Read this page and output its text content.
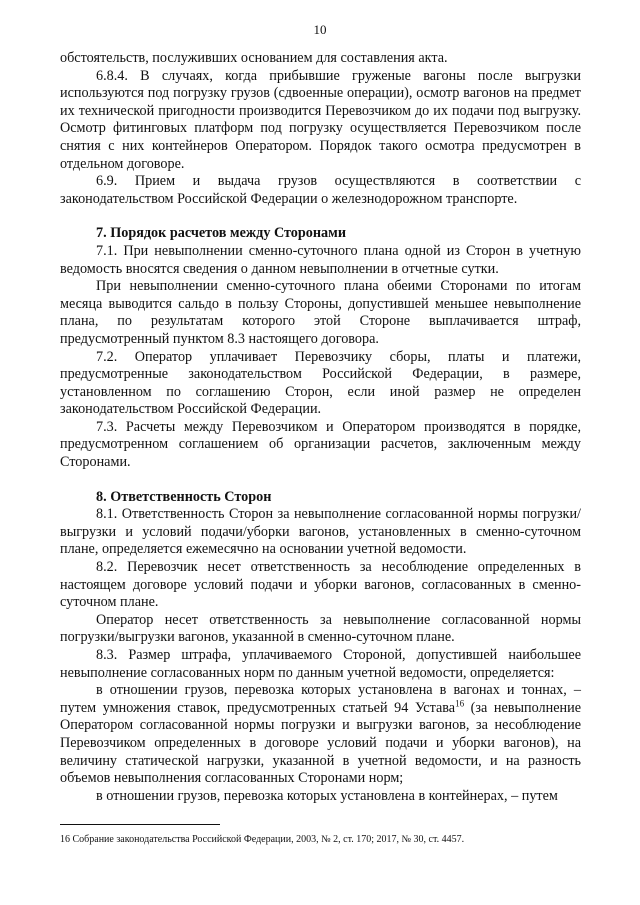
10

обстоятельств, послуживших основанием для составления акта.

6.8.4. В случаях, когда прибывшие груженые вагоны после выгрузки используются под погрузку грузов (сдвоенные операции), осмотр вагонов на предмет их технической пригодности производится Перевозчиком до их подачи под выгрузку. Осмотр фитинговых платформ под погрузку осуществляется Перевозчиком после снятия с них контейнеров Оператором. Порядок такого осмотра предусмотрен в отдельном договоре.

6.9. Прием и выдача грузов осуществляются в соответствии с законодательством Российской Федерации о железнодорожном транспорте.

7. Порядок расчетов между Сторонами

7.1. При невыполнении сменно-суточного плана одной из Сторон в учетную ведомость вносятся сведения о данном невыполнении в отчетные сутки.

При невыполнении сменно-суточного плана обеими Сторонами по итогам месяца выводится сальдо в пользу Стороны, допустившей меньшее невыполнение плана, по результатам которого этой Стороне выплачивается штраф, предусмотренный пунктом 8.3 настоящего договора.

7.2. Оператор уплачивает Перевозчику сборы, платы и платежи, предусмотренные законодательством Российской Федерации, в размере, установленном по соглашению Сторон, если иной размер не определен законодательством Российской Федерации.

7.3. Расчеты между Перевозчиком и Оператором производятся в порядке, предусмотренном соглашением об организации расчетов, заключенным между Сторонами.

8. Ответственность Сторон

8.1. Ответственность Сторон за невыполнение согласованной нормы погрузки/выгрузки и условий подачи/уборки вагонов, установленных в сменно-суточном плане, определяется ежемесячно на основании учетной ведомости.

8.2. Перевозчик несет ответственность за несоблюдение определенных в настоящем договоре условий подачи и уборки вагонов, согласованных в сменно-суточном плане.

Оператор несет ответственность за невыполнение согласованной нормы погрузки/выгрузки вагонов, указанной в сменно-суточном плане.

8.3. Размер штрафа, уплачиваемого Стороной, допустившей наибольшее невыполнение согласованных норм по данным учетной ведомости, определяется:

в отношении грузов, перевозка которых установлена в вагонах и тоннах, – путем умножения ставок, предусмотренных статьей 94 Устава$^{16}$ (за невыполнение Оператором согласованной нормы погрузки и выгрузки вагонов, за несоблюдение Перевозчиком определенных в договоре условий подачи и уборки вагонов), на величину статической нагрузки, указанной в учетной ведомости, и на разность объемов невыполнения согласованных Сторонами норм;

в отношении грузов, перевозка которых установлена в контейнерах, – путем

16 Собрание законодательства Российской Федерации, 2003, № 2, ст. 170; 2017, № 30, ст. 4457.
